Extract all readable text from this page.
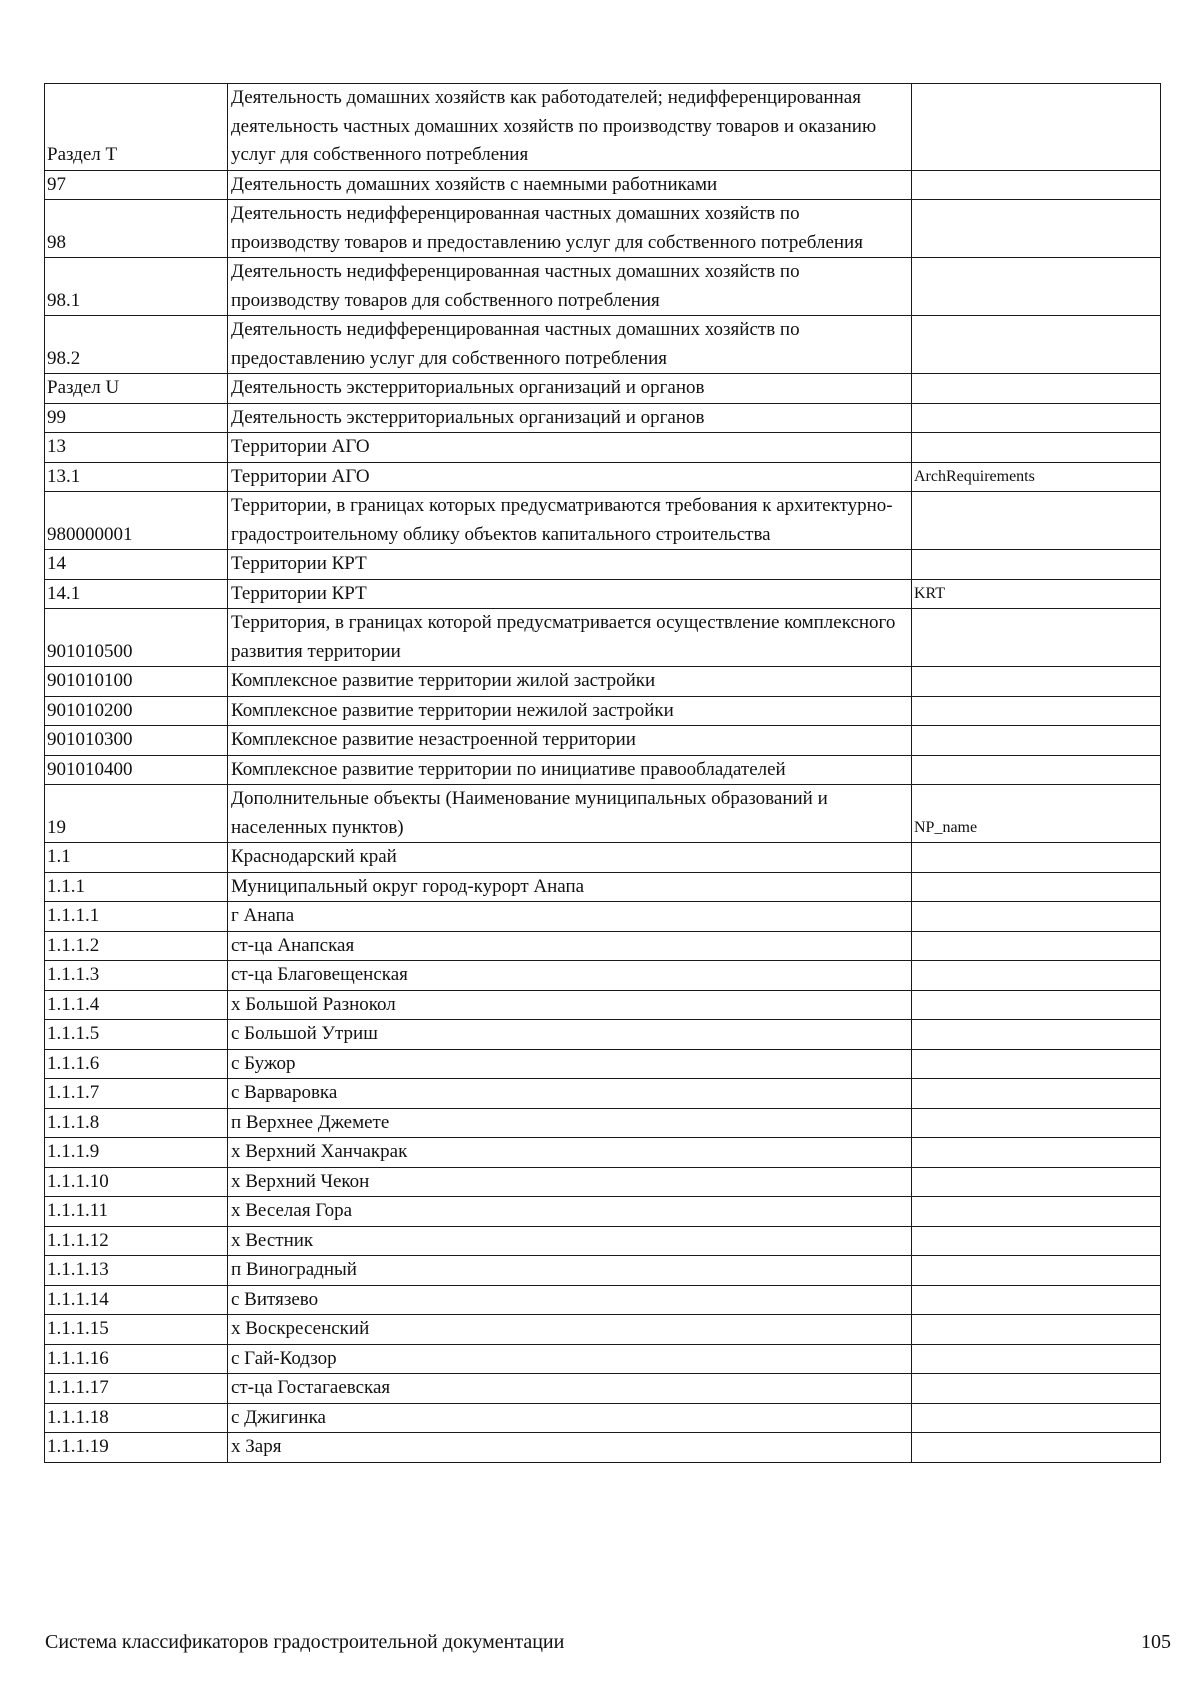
Раздел T	Деятельность домашних хозяйств как работодателей; недифференцированная деятельность частных домашних хозяйств по производству товаров и оказанию услуг для собственного потребления	
97	Деятельность домашних хозяйств с наемными работниками	
98	Деятельность недифференцированная частных домашних хозяйств по производству товаров и предоставлению услуг для собственного потребления	
98.1	Деятельность недифференцированная частных домашних хозяйств по производству товаров для собственного потребления	
98.2	Деятельность недифференцированная частных домашних хозяйств по предоставлению услуг для собственного потребления	
Раздел U	Деятельность экстерриториальных организаций и органов	
99	Деятельность экстерриториальных организаций и органов	
13	Территории АГО	
13.1	Территории АГО	ArchRequirements
980000001	Территории, в границах которых предусматриваются требования к архитектурно-градостроительному облику объектов капитального строительства	
14	Территории КРТ	
14.1	Территории КРТ	KRT
901010500	Территория, в границах которой предусматривается осуществление комплексного развития территории	
901010100	Комплексное развитие территории жилой застройки	
901010200	Комплексное развитие территории нежилой застройки	
901010300	Комплексное развитие незастроенной территории	
901010400	Комплексное развитие территории по инициативе правообладателей	
19	Дополнительные объекты (Наименование муниципальных образований и населенных пунктов)	NP_name
1.1	Краснодарский край	
1.1.1	Муниципальный округ город-курорт Анапа	
1.1.1.1	г Анапа	
1.1.1.2	ст-ца Анапская	
1.1.1.3	ст-ца Благовещенская	
1.1.1.4	х Большой Разнокол	
1.1.1.5	с Большой Утриш	
1.1.1.6	с Бужор	
1.1.1.7	с Варваровка	
1.1.1.8	п Верхнее Джемете	
1.1.1.9	х Верхний Ханчакрак	
1.1.1.10	х Верхний Чекон	
1.1.1.11	х Веселая Гора	
1.1.1.12	х Вестник	
1.1.1.13	п Виноградный	
1.1.1.14	с Витязево	
1.1.1.15	х Воскресенский	
1.1.1.16	с Гай-Кодзор	
1.1.1.17	ст-ца Гостагаевская	
1.1.1.18	с Джигинка	
1.1.1.19	х Заря	
Система классификаторов градостроительной документации	105
